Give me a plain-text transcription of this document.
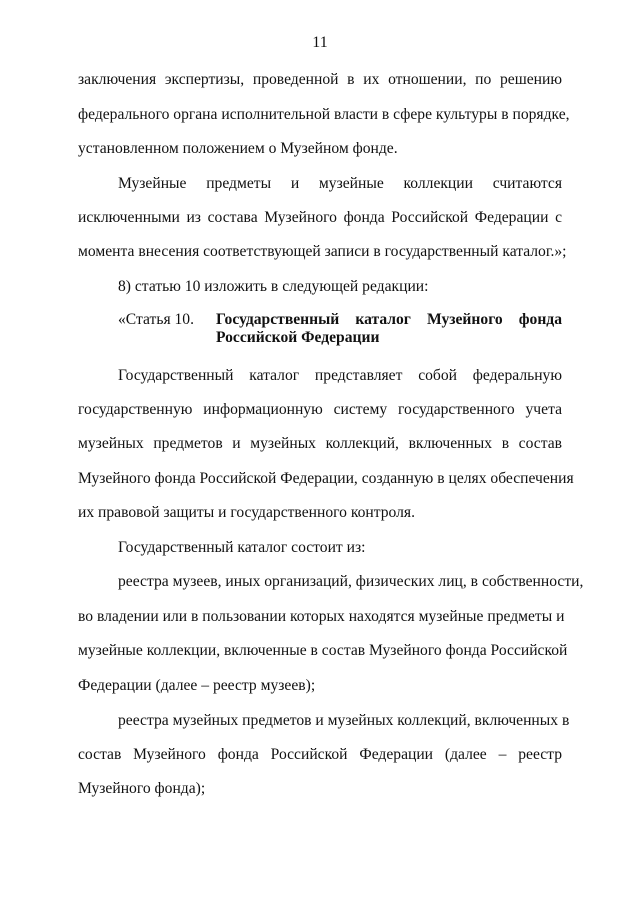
11
заключения экспертизы, проведенной в их отношении, по решению
федерального органа исполнительной власти в сфере культуры в порядке,
установленном положением о Музейном фонде.
Музейные предметы и музейные коллекции считаются
исключенными из состава Музейного фонда Российской Федерации с
момента внесения соответствующей записи в государственный каталог.»;
8) статью 10 изложить в следующей редакции:
«Статья 10. Государственный каталог Музейного фонда
Российской Федерации
Государственный каталог представляет собой федеральную
государственную информационную систему государственного учета
музейных предметов и музейных коллекций, включенных в состав
Музейного фонда Российской Федерации, созданную в целях обеспечения
их правовой защиты и государственного контроля.
Государственный каталог состоит из:
реестра музеев, иных организаций, физических лиц, в собственности,
во владении или в пользовании которых находятся музейные предметы и
музейные коллекции, включенные в состав Музейного фонда Российской
Федерации (далее – реестр музеев);
реестра музейных предметов и музейных коллекций, включенных в
состав Музейного фонда Российской Федерации (далее – реестр
Музейного фонда);
